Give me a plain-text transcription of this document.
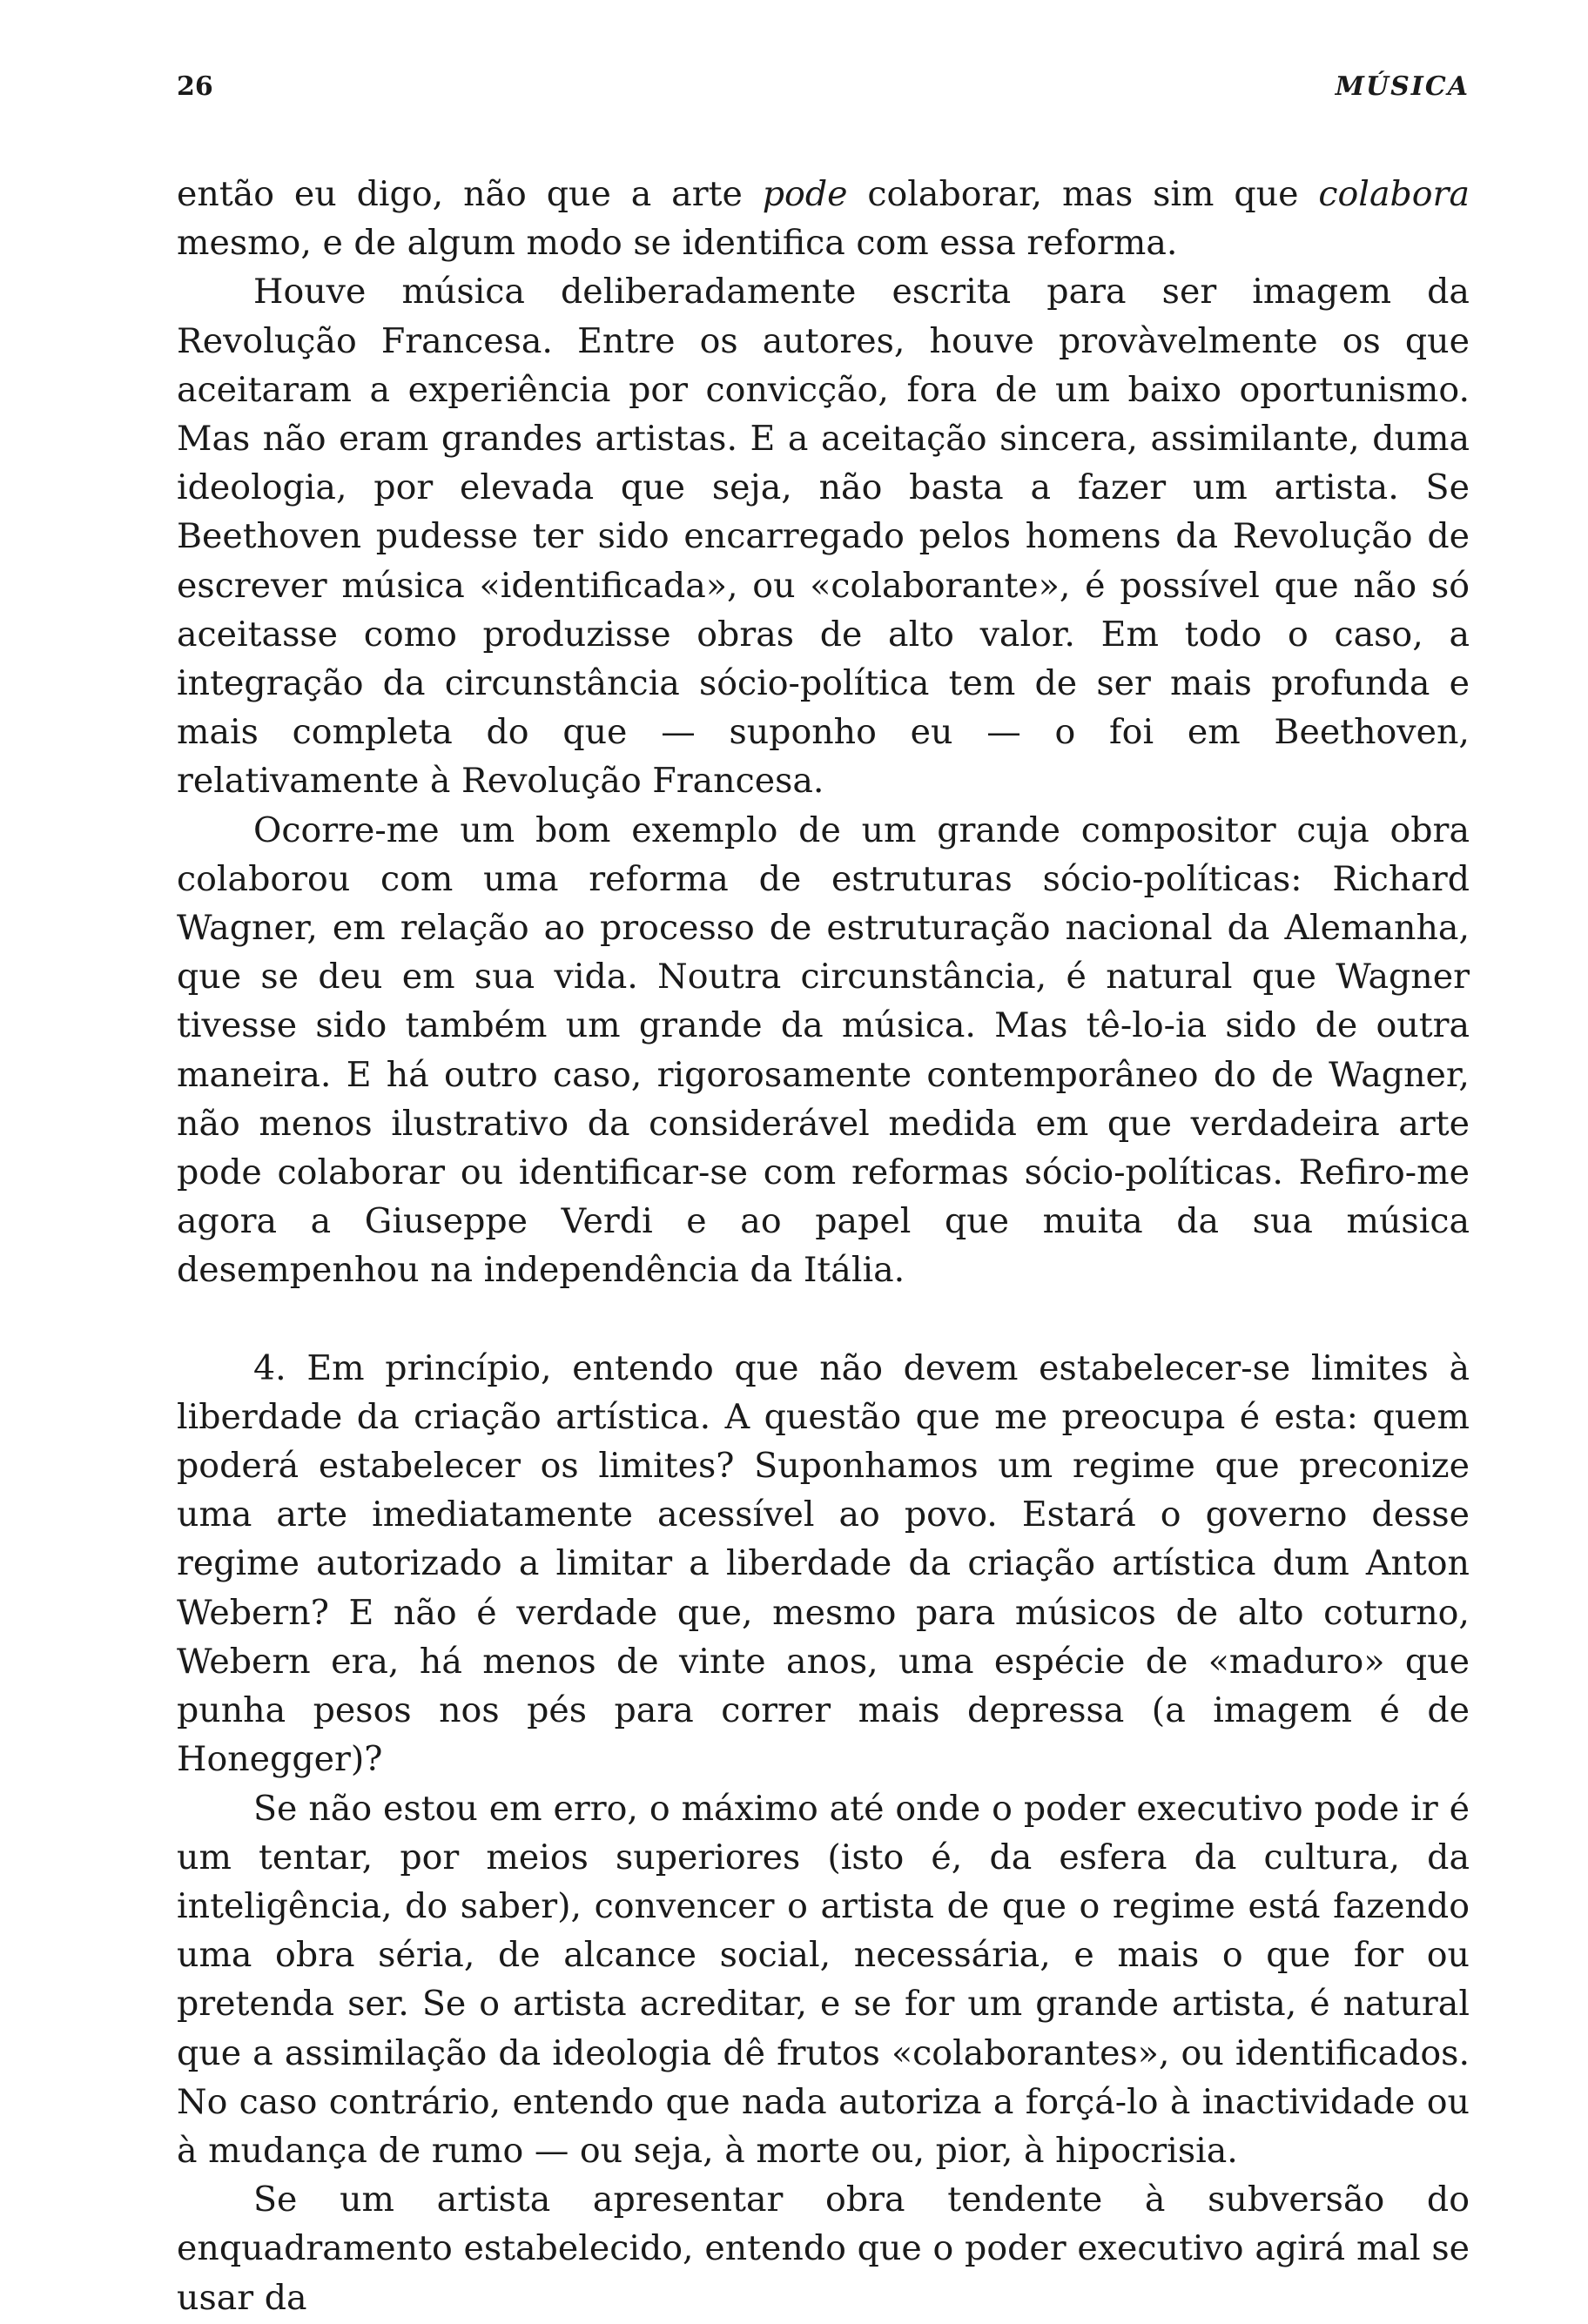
26	MÚSICA

então eu digo, não que a arte pode colaborar, mas sim que colabora mesmo, e de algum modo se identifica com essa reforma.

Houve música deliberadamente escrita para ser imagem da Revolução Francesa. Entre os autores, houve provàvelmente os que aceitaram a experiência por convicção, fora de um baixo oportunismo. Mas não eram grandes artistas. E a aceitação sincera, assimilante, duma ideologia, por elevada que seja, não basta a fazer um artista. Se Beethoven pudesse ter sido encarregado pelos homens da Revolução de escrever música «identificada», ou «colaborante», é possível que não só aceitasse como produzisse obras de alto valor. Em todo o caso, a integração da circunstância sócio-política tem de ser mais profunda e mais completa do que — suponho eu — o foi em Beethoven, relativamente à Revolução Francesa.

Ocorre-me um bom exemplo de um grande compositor cuja obra colaborou com uma reforma de estruturas sócio-políticas: Richard Wagner, em relação ao processo de estruturação nacional da Alemanha, que se deu em sua vida. Noutra circunstância, é natural que Wagner tivesse sido também um grande da música. Mas tê-lo-ia sido de outra maneira. E há outro caso, rigorosamente contemporâneo do de Wagner, não menos ilustrativo da considerável medida em que verdadeira arte pode colaborar ou identificar-se com reformas sócio-políticas. Refiro-me agora a Giuseppe Verdi e ao papel que muita da sua música desempenhou na independência da Itália.

4. Em princípio, entendo que não devem estabelecer-se limites à liberdade da criação artística. A questão que me preocupa é esta: quem poderá estabelecer os limites? Suponhamos um regime que preconize uma arte imediatamente acessível ao povo. Estará o governo desse regime autorizado a limitar a liberdade da criação artística dum Anton Webern? E não é verdade que, mesmo para músicos de alto coturno, Webern era, há menos de vinte anos, uma espécie de «maduro» que punha pesos nos pés para correr mais depressa (a imagem é de Honegger)?

Se não estou em erro, o máximo até onde o poder executivo pode ir é um tentar, por meios superiores (isto é, da esfera da cultura, da inteligência, do saber), convencer o artista de que o regime está fazendo uma obra séria, de alcance social, necessária, e mais o que for ou pretenda ser. Se o artista acreditar, e se for um grande artista, é natural que a assimilação da ideologia dê frutos «colaborantes», ou identificados. No caso contrário, entendo que nada autoriza a forçá-lo à inactividade ou à mudança de rumo — ou seja, à morte ou, pior, à hipocrisia.

Se um artista apresentar obra tendente à subversão do enquadramento estabelecido, entendo que o poder executivo agirá mal se usar da
